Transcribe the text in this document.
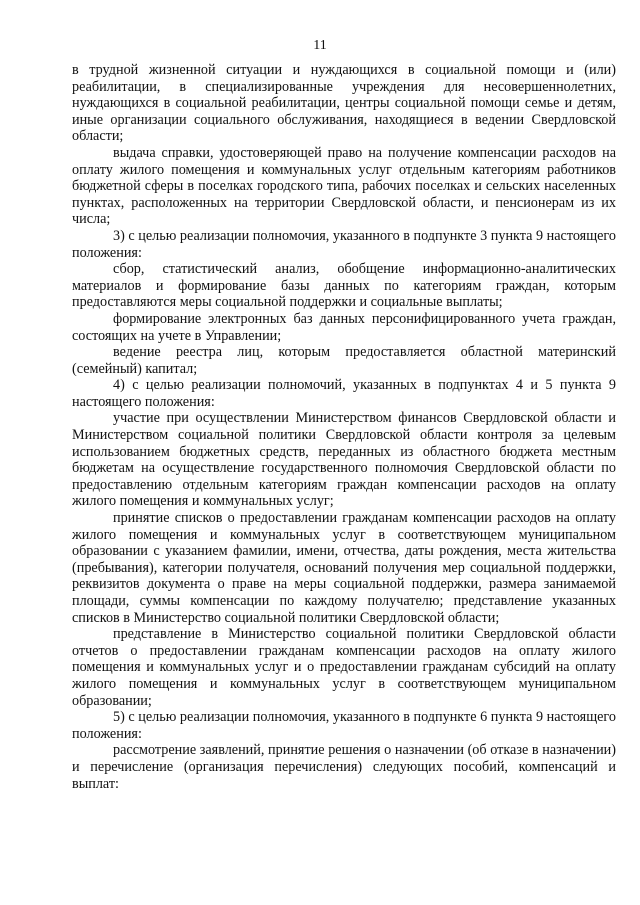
11

в трудной жизненной ситуации и нуждающихся в социальной помощи и (или) реабилитации, в специализированные учреждения для несовершеннолетних, нуждающихся в социальной реабилитации, центры социальной помощи семье и детям, иные организации социального обслуживания, находящиеся в ведении Свердловской области;

выдача справки, удостоверяющей право на получение компенсации расходов на оплату жилого помещения и коммунальных услуг отдельным категориям работников бюджетной сферы в поселках городского типа, рабочих поселках и сельских населенных пунктах, расположенных на территории Свердловской области, и пенсионерам из их числа;

3) с целью реализации полномочия, указанного в подпункте 3 пункта 9 настоящего положения:

сбор, статистический анализ, обобщение информационно-аналитических материалов и формирование базы данных по категориям граждан, которым предоставляются меры социальной поддержки и социальные выплаты;

формирование электронных баз данных персонифицированного учета граждан, состоящих на учете в Управлении;

ведение реестра лиц, которым предоставляется областной материнский (семейный) капитал;

4) с целью реализации полномочий, указанных в подпунктах 4 и 5 пункта 9 настоящего положения:

участие при осуществлении Министерством финансов Свердловской области и Министерством социальной политики Свердловской области контроля за целевым использованием бюджетных средств, переданных из областного бюджета местным бюджетам на осуществление государственного полномочия Свердловской области по предоставлению отдельным категориям граждан компенсации расходов на оплату жилого помещения и коммунальных услуг;

принятие списков о предоставлении гражданам компенсации расходов на оплату жилого помещения и коммунальных услуг в соответствующем муниципальном образовании с указанием фамилии, имени, отчества, даты рождения, места жительства (пребывания), категории получателя, оснований получения мер социальной поддержки, реквизитов документа о праве на меры социальной поддержки, размера занимаемой площади, суммы компенсации по каждому получателю; представление указанных списков в Министерство социальной политики Свердловской области;

представление в Министерство социальной политики Свердловской области отчетов о предоставлении гражданам компенсации расходов на оплату жилого помещения и коммунальных услуг и о предоставлении гражданам субсидий на оплату жилого помещения и коммунальных услуг в соответствующем муниципальном образовании;

5) с целью реализации полномочия, указанного в подпункте 6 пункта 9 настоящего положения:

рассмотрение заявлений, принятие решения о назначении (об отказе в назначении) и перечисление (организация перечисления) следующих пособий, компенсаций и выплат:
